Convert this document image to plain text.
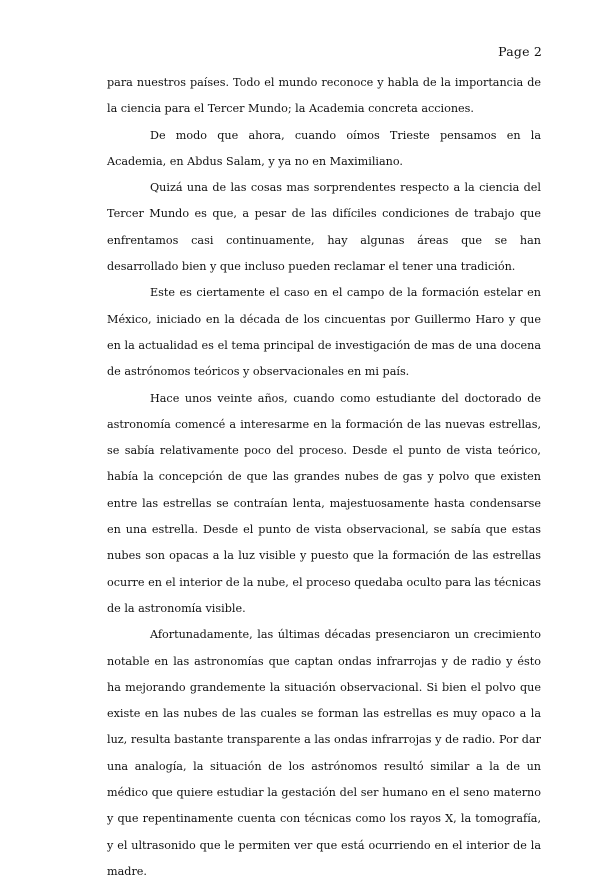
Page 2

para nuestros países. Todo el mundo reconoce y habla de la importancia de la ciencia para el Tercer Mundo; la Academia concreta acciones.

De modo que ahora, cuando oímos Trieste pensamos en la Academia, en Abdus Salam, y ya no en Maximiliano.

Quizá una de las cosas mas sorprendentes respecto a la ciencia del Tercer Mundo es que, a pesar de las difíciles condiciones de trabajo que enfrentamos casi continuamente, hay algunas áreas que se han desarrollado bien y que incluso pueden reclamar el tener una tradición.

Este es ciertamente el caso en el campo de la formación estelar en México, iniciado en la década de los cincuentas por Guillermo Haro y que en la actualidad es el tema principal de investigación de mas de una docena de astrónomos teóricos y observacionales en mi país.

Hace unos veinte años, cuando como estudiante del doctorado de astronomía comencé a interesarme en la formación de las nuevas estrellas, se sabía relativamente poco del proceso. Desde el punto de vista teórico, había la concepción de que las grandes nubes de gas y polvo que existen entre las estrellas se contraían lenta, majestuosamente hasta condensarse en una estrella. Desde el punto de vista observacional, se sabía que estas nubes son opacas a la luz visible y puesto que la formación de las estrellas ocurre en el interior de la nube, el proceso quedaba oculto para las técnicas de la astronomía visible.

Afortunadamente, las últimas décadas presenciaron un crecimiento notable en las astronomías que captan ondas infrarrojas y de radio y ésto ha mejorando grandemente la situación observacional. Si bien el polvo que existe en las nubes de las cuales se forman las estrellas es muy opaco a la luz, resulta bastante transparente a las ondas infrarrojas y de radio. Por dar una analogía, la situación de los astrónomos resultó similar a la de un médico que quiere estudiar la gestación del ser humano en el seno materno y que repentinamente cuenta con técnicas como los rayos X, la tomografía, y el ultrasonido que le permiten ver que está ocurriendo en el interior de la madre.
